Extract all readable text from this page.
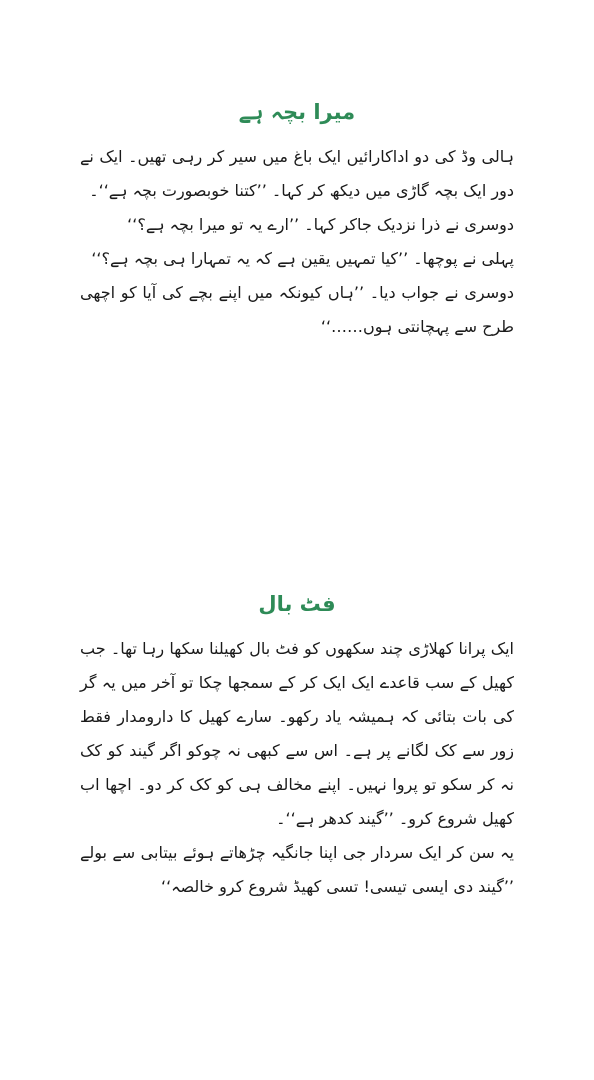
میرا بچہ ہے

ہالی وڈ کی دو اداکارائیں ایک باغ میں سیر کر رہی تھیں۔ ایک نے دور ایک بچہ گاڑی میں دیکھ کر کہا۔ ’’کتنا خوبصورت بچہ ہے‘‘۔

دوسری نے ذرا نزدیک جاکر کہا۔ ’’ارے یہ تو میرا بچہ ہے؟‘‘

پہلی نے پوچھا۔ ’’کیا تمہیں یقین ہے کہ یہ تمہارا ہی بچہ ہے؟‘‘

دوسری نے جواب دیا۔ ’’ہاں کیونکہ میں اپنے بچے کی آیا کو اچھی طرح سے پہچانتی ہوں……‘‘

فٹ بال

ایک پرانا کھلاڑی چند سکھوں کو فٹ بال کھیلنا سکھا رہا تھا۔ جب کھیل کے سب قاعدے ایک ایک کر کے سمجھا چکا تو آخر میں یہ گر کی بات بتائی کہ ہمیشہ یاد رکھو۔ سارے کھیل کا دارومدار فقط زور سے کک لگانے پر ہے۔ اس سے کبھی نہ چوکو اگر گیند کو کک نہ کر سکو تو پروا نہیں۔ اپنے مخالف ہی کو کک کر دو۔ اچھا اب کھیل شروع کرو۔ ’’گیند کدھر ہے‘‘۔

یہ سن کر ایک سردار جی اپنا جانگیہ چڑھاتے ہوئے بیتابی سے بولے ’’گیند دی ایسی تیسی! تسی کھیڈ شروع کرو خالصہ‘‘
